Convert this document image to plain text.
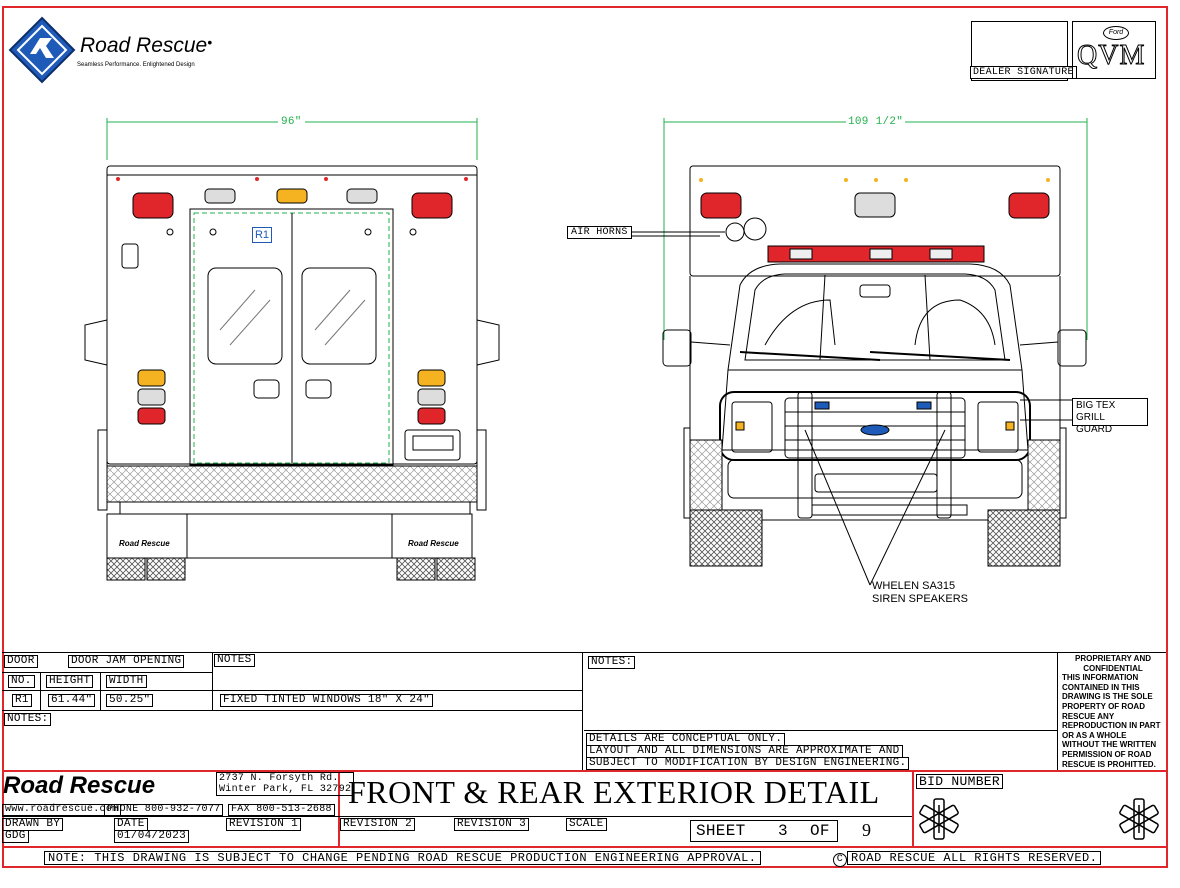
Road Rescue•
Seamless Performance. Enlightened Design
DEALER SIGNATURE
Ford
QVM
96"	109 1/2"
R1
Road Rescue	Road Rescue
AIR HORNS
BIG TEX GRILL
GUARD
WHELEN SA315
SIREN SPEAKERS
DOOR	DOOR JAM OPENING	NOTES
NO. HEIGHT WIDTH
R1 61.44" 50.25"	FIXED TINTED WINDOWS 18" X 24"
NOTES:
NOTES:
DETAILS ARE CONCEPTUAL ONLY.
LAYOUT AND ALL DIMENSIONS ARE APPROXIMATE AND
SUBJECT TO MODIFICATION BY DESIGN ENGINEERING.
PROPRIETARY AND
CONFIDENTIAL
THIS INFORMATION
CONTAINED IN THIS
DRAWING IS THE SOLE
PROPERTY OF ROAD
RESCUE ANY
REPRODUCTION IN PART
OR AS A WHOLE
WITHOUT THE WRITTEN
PERMISSION OF ROAD
RESCUE IS PROHITTED.
Road Rescue	2737 N. Forsyth Rd.
Winter Park, FL 32792
www.roadrescue.com
PHONE 800-932-7077	FAX 800-513-2688 FRONT & REAR EXTERIOR DETAIL
DRAWN BY
GDG
DATE
01/04/2023
REVISION 1	REVISION 2	REVISION 3	SCALE	SHEET 3 OF 9
BID NUMBER
NOTE: THIS DRAWING IS SUBJECT TO CHANGE PENDING ROAD RESCUE PRODUCTION ENGINEERING APPROVAL.	C ROAD RESCUE ALL RIGHTS RESERVED.
